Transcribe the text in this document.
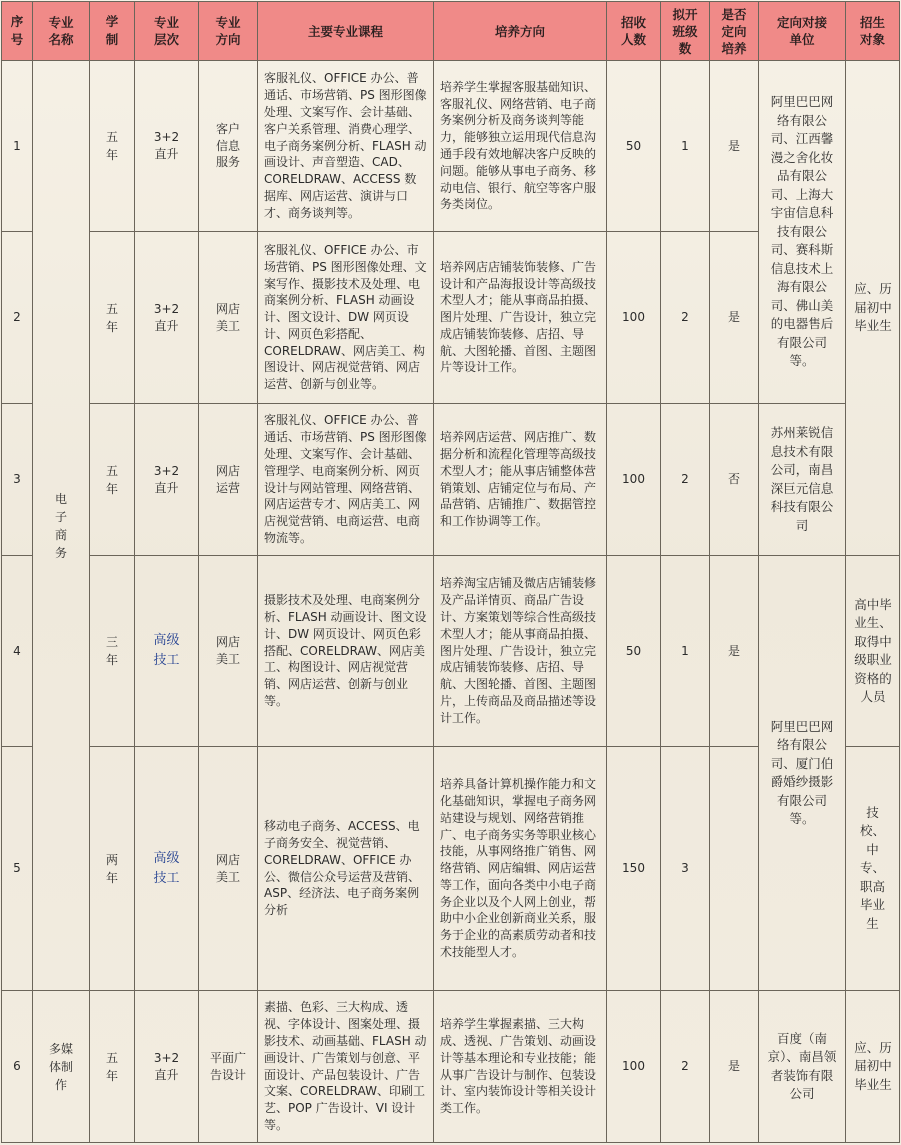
序号	专业名称	学制	专业层次	专业方向	主要专业课程	培养方向	招收人数	拟开班级数	是否定向培养	定向对接单位	招生对象
1	电子商务	五年	3+2直升	客户信息服务	客服礼仪、OFFICE 办公、普通话、市场营销、PS 图形图像处理、文案写作、会计基础、客户关系管理、消费心理学、电子商务案例分析、FLASH 动画设计、声音塑造、CAD、CORELDRAW、ACCESS 数据库、网店运营、演讲与口才、商务谈判等。	培养学生掌握客服基础知识、客服礼仪、网络营销、电子商务案例分析及商务谈判等能力，能够独立运用现代信息沟通手段有效地解决客户反映的问题。能够从事电子商务、移动电信、银行、航空等客户服务类岗位。	50	1	是	阿里巴巴网络有限公司、江西馨漫之舍化妆品有限公司、上海大宇宙信息科技有限公司、赛科斯信息技术上海有限公司、佛山美的电器售后有限公司等。	应、历届初中毕业生
2		五年	3+2直升	网店美工	客服礼仪、OFFICE 办公、市场营销、PS 图形图像处理、文案写作、摄影技术及处理、电商案例分析、FLASH 动画设计、图文设计、DW 网页设计、网页色彩搭配、CORELDRAW、网店美工、构图设计、网店视觉营销、网店运营、创新与创业等。	培养网店店铺装饰装修、广告设计和产品海报设计等高级技术型人才；能从事商品拍摄、图片处理、广告设计，独立完成店铺装饰装修、店招、导航、大图轮播、首图、主题图片等设计工作。	100	2	是		
3		五年	3+2直升	网店运营	客服礼仪、OFFICE 办公、普通话、市场营销、PS 图形图像处理、文案写作、会计基础、管理学、电商案例分析、网页设计与网站管理、网络营销、网店运营专才、网店美工、网店视觉营销、电商运营、电商物流等。	培养网店运营、网店推广、数据分析和流程化管理等高级技术型人才；能从事店铺整体营销策划、店铺定位与布局、产品营销、店铺推广、数据管控和工作协调等工作。	100	2	否	苏州莱锐信息技术有限公司，南昌深巨元信息科技有限公司	
4		三年	高级技工	网店美工	摄影技术及处理、电商案例分析、FLASH 动画设计、图文设计、DW 网页设计、网页色彩搭配、CORELDRAW、网店美工、构图设计、网店视觉营销、网店运营、创新与创业等。	培养淘宝店铺及微店店铺装修及产品详情页、商品广告设计、方案策划等综合性高级技术型人才；能从事商品拍摄、图片处理、广告设计，独立完成店铺装饰装修、店招、导航、大图轮播、首图、主题图片，上传商品及商品描述等设计工作。	50	1	是	阿里巴巴网络有限公司、厦门伯爵婚纱摄影有限公司等。	高中毕业生、取得中级职业资格的人员
5		两年	高级技工	网店美工	移动电子商务、ACCESS、电子商务安全、视觉营销、CORELDRAW、OFFICE 办公、微信公众号运营及营销、ASP、经济法、电子商务案例分析	培养具备计算机操作能力和文化基础知识，掌握电子商务网站建设与规划、网络营销推广、电子商务实务等职业核心技能，从事网络推广销售、网络营销、网店编辑、网店运营等工作，面向各类中小电子商务企业以及个人网上创业，帮助中小企业创新商业关系，服务于企业的高素质劳动者和技术技能型人才。	150	3			技校、中专、职高毕业生
6	多媒体制作	五年	3+2直升	平面广告设计	素描、色彩、三大构成、透视、字体设计、图案处理、摄影技术、动画基础、FLASH 动画设计、广告策划与创意、平面设计、产品包装设计、广告文案、CORELDRAW、印刷工艺、POP 广告设计、VI 设计等。	培养学生掌握素描、三大构成、透视、广告策划、动画设计等基本理论和专业技能；能从事广告设计与制作、包装设计、室内装饰设计等相关设计类工作。	100	2	是	百度（南京）、南昌领者装饰有限公司	应、历届初中毕业生
